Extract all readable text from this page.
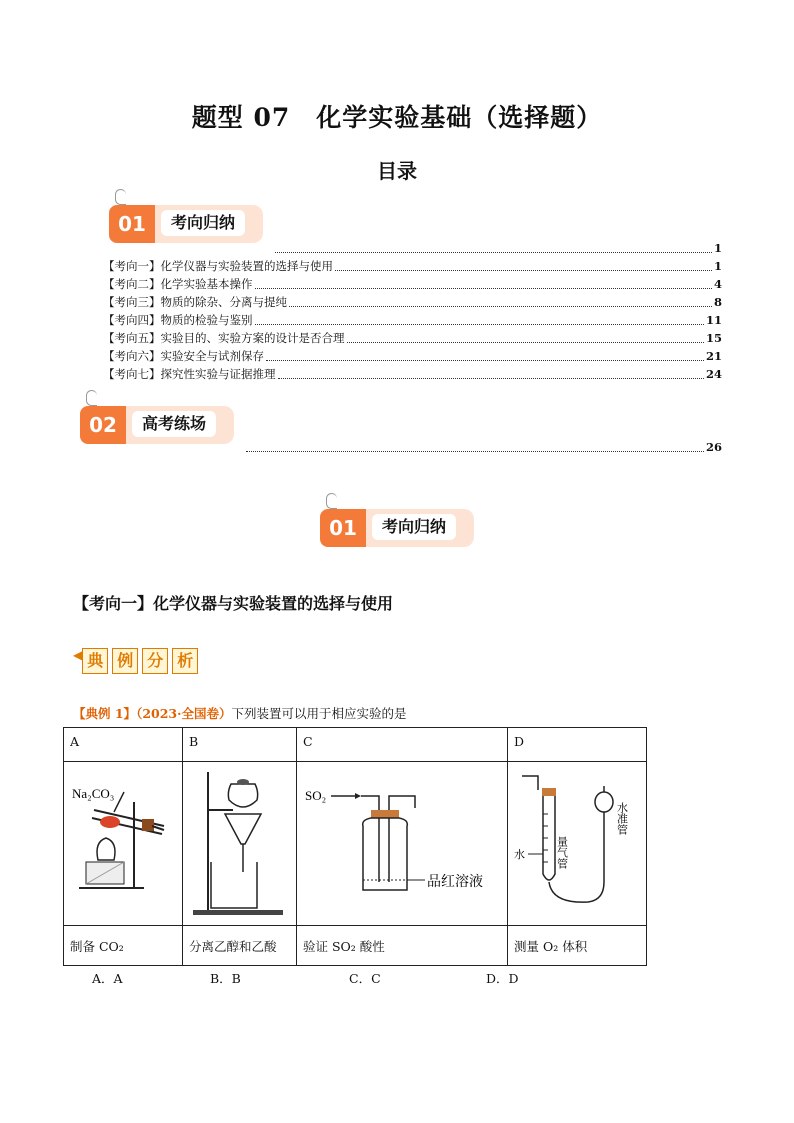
题型 07　化学实验基础（选择题）
目录
01	考向归纳
1
【考向一】化学仪器与实验装置的选择与使用	1
【考向二】化学实验基本操作	4
【考向三】物质的除杂、分离与提纯	8
【考向四】物质的检验与鉴别	11
【考向五】实验目的、实验方案的设计是否合理	15
【考向六】实验安全与试剂保存	21
【考向七】探究性实验与证据推理	24
02	高考练场
26
01	考向归纳
【考向一】化学仪器与实验装置的选择与使用
◀ 典 例 分 析
【典例 1】（2023·全国卷）下列装置可以用于相应实验的是
A	B	C	D

Na₂CO₃		SO₂
品红溶液	水 量气管
水准管

制备 CO₂	分离乙醇和乙酸	验证 SO₂ 酸性	测量 O₂ 体积
A．A	B．B	C．C	D．D
